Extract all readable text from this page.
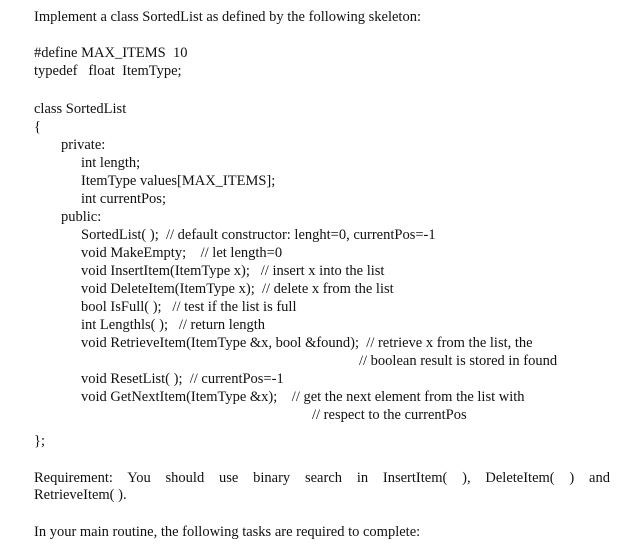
Implement a class SortedList as defined by the following skeleton:
#define MAX_ITEMS  10
typedef   float  ItemType;
class SortedList
{
private:
int length;
ItemType values[MAX_ITEMS];
int currentPos;
public:
SortedList( );  // default constructor: lenght=0, currentPos=-1
void MakeEmpty;    // let length=0
void InsertItem(ItemType x);   // insert x into the list
void DeleteItem(ItemType x);  // delete x from the list
bool IsFull( );   // test if the list is full
int Lengthls( );   // return length
void RetrieveItem(ItemType &x, bool &found);  // retrieve x from the list, the
// boolean result is stored in found
void ResetList( );  // currentPos=-1
void GetNextItem(ItemType &x);    // get the next element from the list with
// respect to the currentPos
};
Requirement: You should use binary search in InsertItem( ), DeleteItem( ) and
RetrieveItem( ).
In your main routine, the following tasks are required to complete:
